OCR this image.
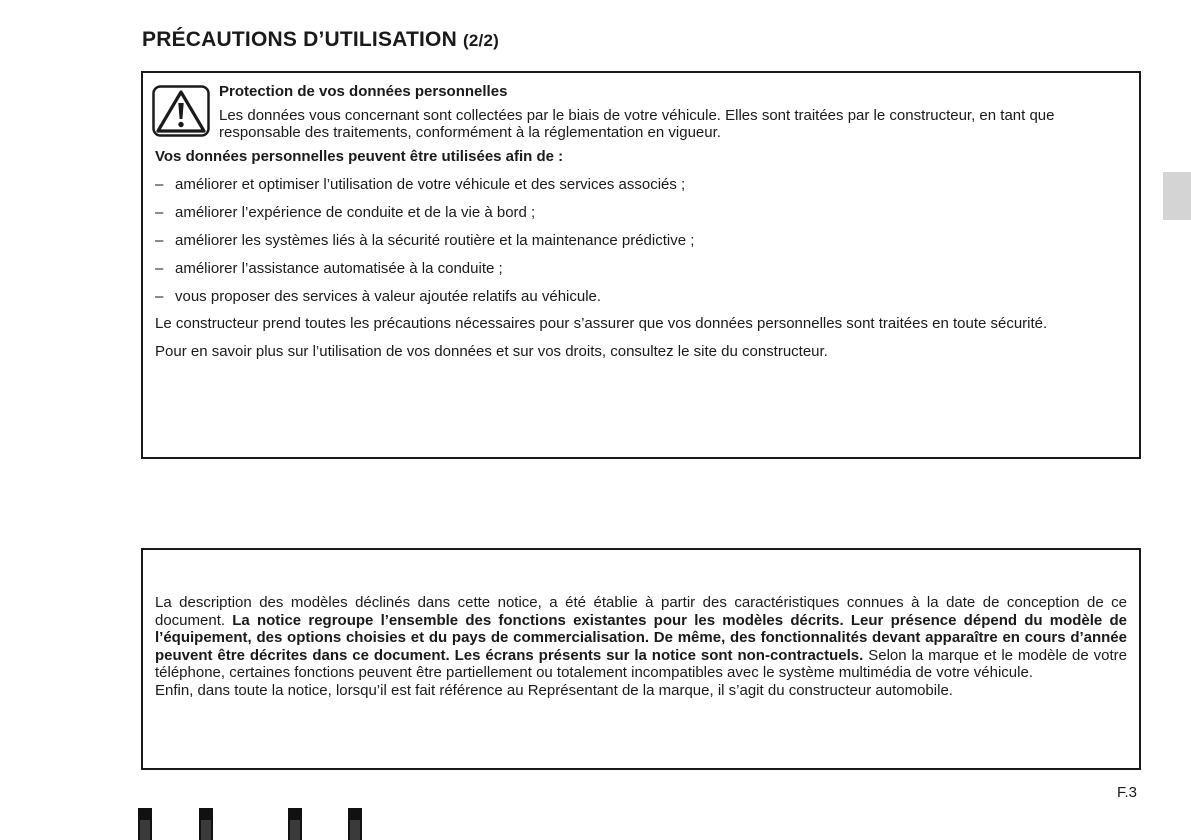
PRÉCAUTIONS D’UTILISATION (2/2)

Protection de vos données personnelles

Les données vous concernant sont collectées par le biais de votre véhicule. Elles sont traitées par le constructeur, en tant que responsable des traitements, conformément à la réglementation en vigueur.

Vos données personnelles peuvent être utilisées afin de :

– améliorer et optimiser l’utilisation de votre véhicule et des services associés ;
– améliorer l’expérience de conduite et de la vie à bord ;
– améliorer les systèmes liés à la sécurité routière et la maintenance prédictive ;
– améliorer l’assistance automatisée à la conduite ;
– vous proposer des services à valeur ajoutée relatifs au véhicule.

Le constructeur prend toutes les précautions nécessaires pour s’assurer que vos données personnelles sont traitées en toute sécurité.

Pour en savoir plus sur l’utilisation de vos données et sur vos droits, consultez le site du constructeur.

La description des modèles déclinés dans cette notice, a été établie à partir des caractéristiques connues à la date de conception de ce document. La notice regroupe l’ensemble des fonctions existantes pour les modèles décrits. Leur présence dépend du modèle de l’équipement, des options choisies et du pays de commercialisation. De même, des fonctionnalités devant apparaître en cours d’année peuvent être décrites dans ce document. Les écrans présents sur la notice sont non-contractuels. Selon la marque et le modèle de votre téléphone, certaines fonctions peuvent être partiellement ou totalement incompatibles avec le système multimédia de votre véhicule.

Enfin, dans toute la notice, lorsqu’il est fait référence au Représentant de la marque, il s’agit du constructeur automobile.

F.3
